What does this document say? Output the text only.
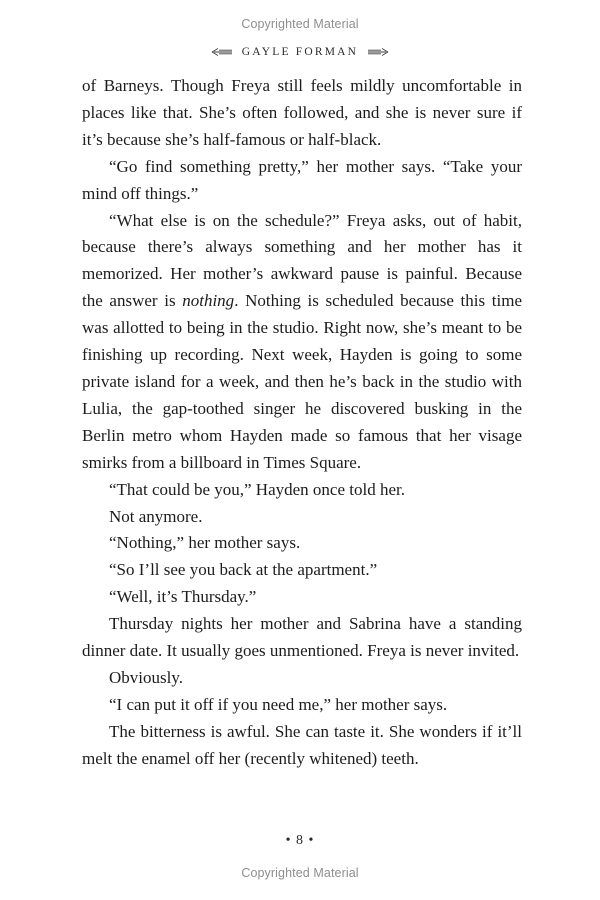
Copyrighted Material
GAYLE FORMAN

of Barneys. Though Freya still feels mildly uncomfortable in places like that. She’s often followed, and she is never sure if it’s because she’s half-famous or half-black.

“Go find something pretty,” her mother says. “Take your mind off things.”

“What else is on the schedule?” Freya asks, out of habit, because there’s always something and her mother has it memorized. Her mother’s awkward pause is painful. Because the answer is nothing. Nothing is scheduled because this time was allotted to being in the studio. Right now, she’s meant to be finishing up recording. Next week, Hayden is going to some private island for a week, and then he’s back in the studio with Lulia, the gap-toothed singer he discovered busking in the Berlin metro whom Hayden made so famous that her visage smirks from a billboard in Times Square.

“That could be you,” Hayden once told her.

Not anymore.

“Nothing,” her mother says.

“So I’ll see you back at the apartment.”

“Well, it’s Thursday.”

Thursday nights her mother and Sabrina have a standing dinner date. It usually goes unmentioned. Freya is never invited.

Obviously.

“I can put it off if you need me,” her mother says.

The bitterness is awful. She can taste it. She wonders if it’ll melt the enamel off her (recently whitened) teeth.

• 8 •
Copyrighted Material
